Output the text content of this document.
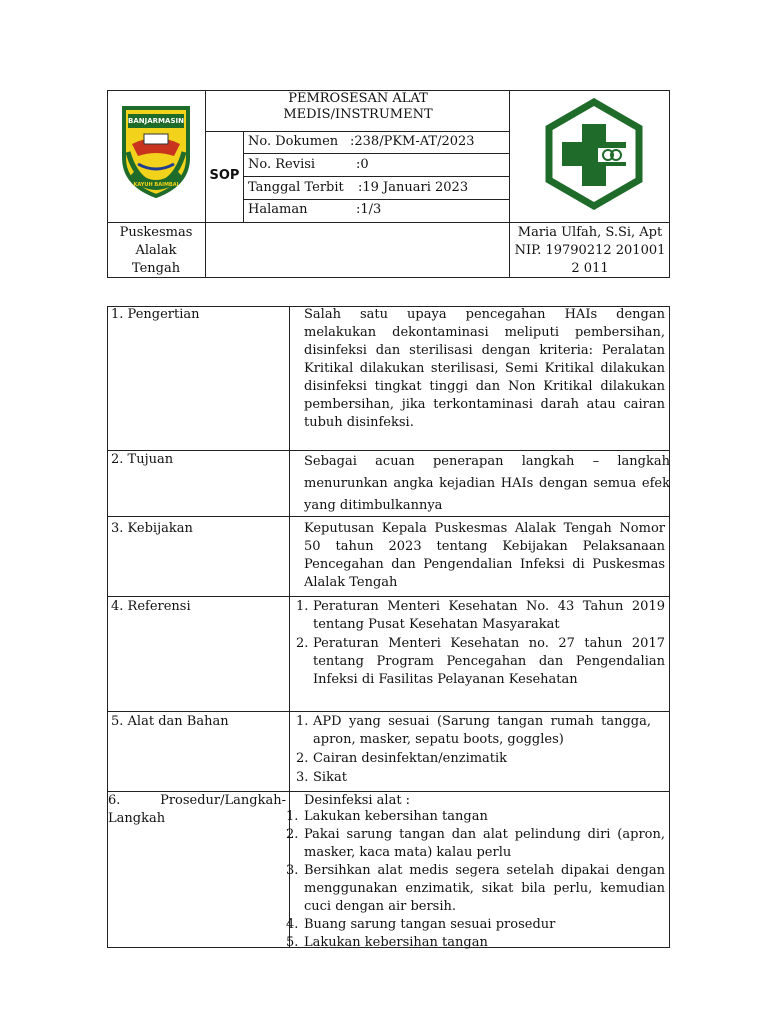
BANJARMASIN
KAYUH BAIMBAI
PEMROSESAN ALAT MEDIS/INSTRUMENT
SOP
No. Dokumen :238/PKM-AT/2023
No. Revisi	:0
Tanggal Terbit :19 Januari 2023
Halaman	:1/3
Puskesmas Alalak Tengah
Maria Ulfah, S.Si, Apt NIP. 19790212 201001 2 011
1. Pengertian	Salah satu upaya pencegahan HAIs dengan melakukan dekontaminasi meliputi pembersihan, disinfeksi dan sterilisasi dengan kriteria: Peralatan Kritikal dilakukan sterilisasi, Semi Kritikal dilakukan disinfeksi tingkat tinggi dan Non Kritikal dilakukan pembersihan, jika terkontaminasi darah atau cairan tubuh disinfeksi.
2. Tujuan	Sebagai acuan penerapan langkah – langkah menurunkan angka kejadian HAIs dengan semua efek yang ditimbulkannya
3. Kebijakan	Keputusan Kepala Puskesmas Alalak Tengah Nomor 50 tahun 2023 tentang Kebijakan Pelaksanaan Pencegahan dan Pengendalian Infeksi di Puskesmas Alalak Tengah
4. Referensi	1. Peraturan Menteri Kesehatan No. 43 Tahun 2019 tentang Pusat Kesehatan Masyarakat
2. Peraturan Menteri Kesehatan no. 27 tahun 2017 tentang Program Pencegahan dan Pengendalian Infeksi di Fasilitas Pelayanan Kesehatan
5. Alat dan Bahan	1. APD yang sesuai (Sarung tangan rumah tangga, apron, masker, sepatu boots, goggles)
2. Cairan desinfektan/enzimatik
3. Sikat
6. Prosedur/Langkah-Langkah
Desinfeksi alat :
1. Lakukan kebersihan tangan
2. Pakai sarung tangan dan alat pelindung diri (apron, masker, kaca mata) kalau perlu
3. Bersihkan alat medis segera setelah dipakai dengan menggunakan enzimatik, sikat bila perlu, kemudian cuci dengan air bersih.
4. Buang sarung tangan sesuai prosedur
5. Lakukan kebersihan tangan
